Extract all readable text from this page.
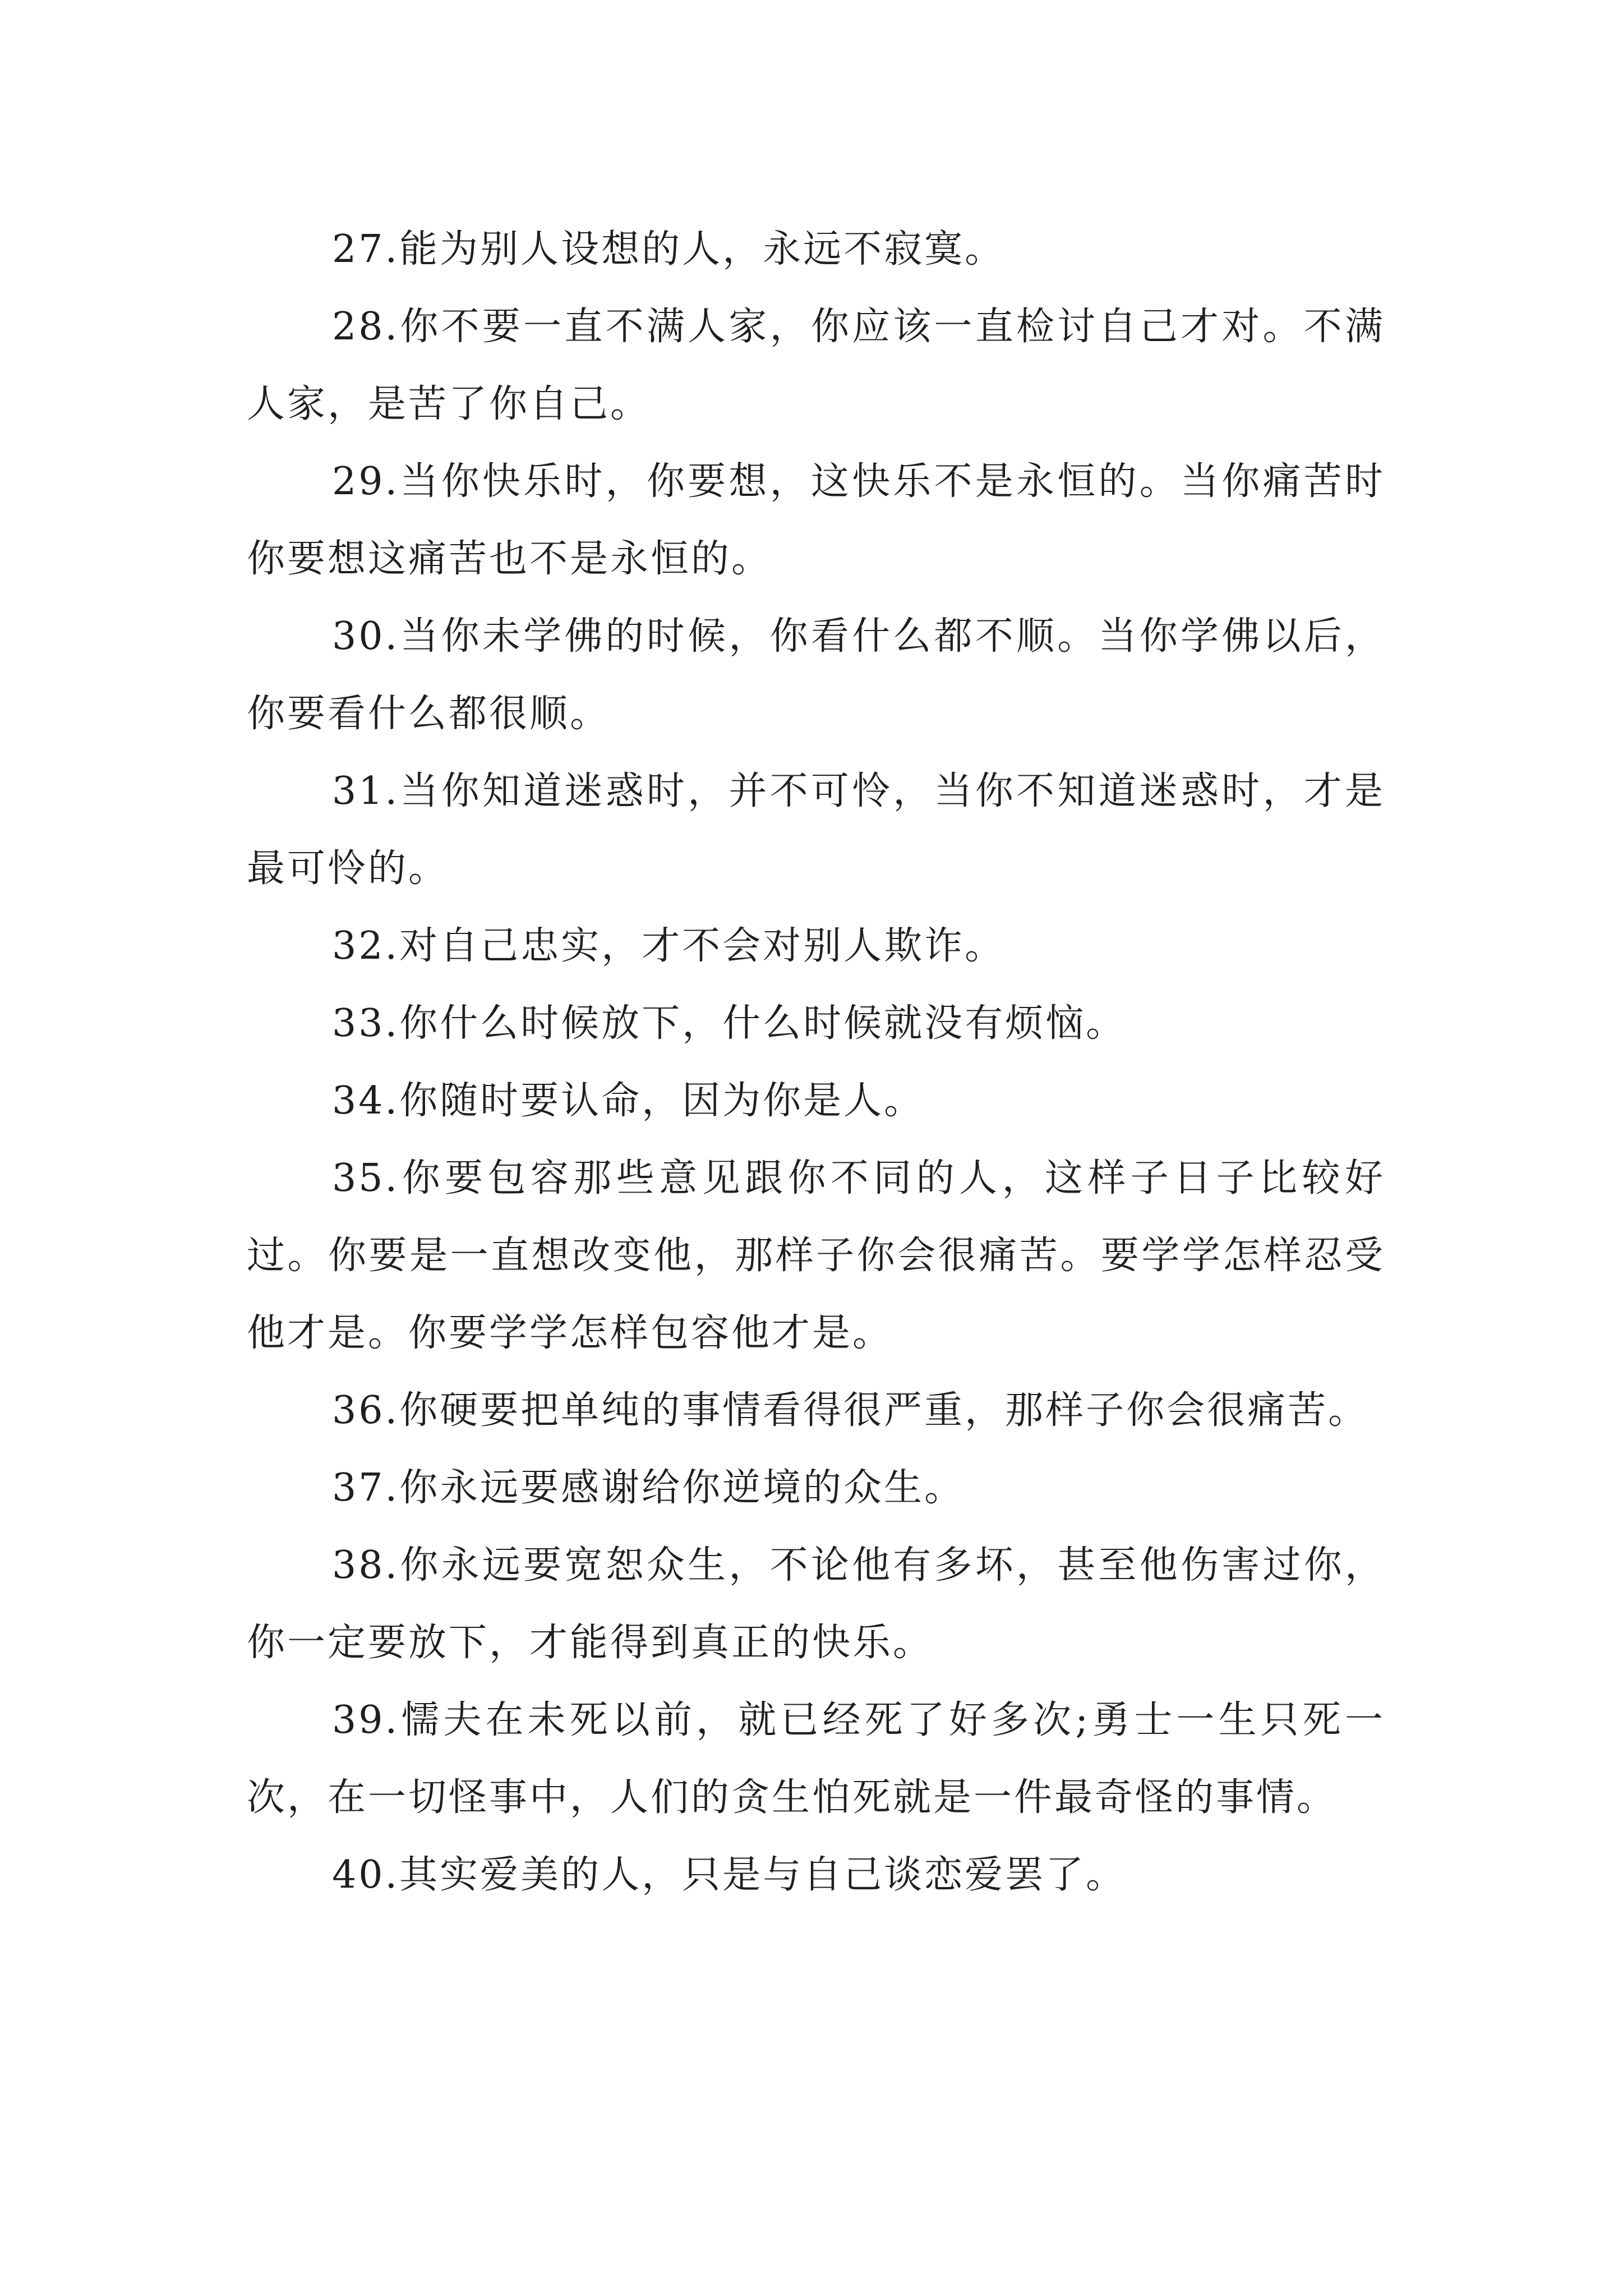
27.能为别人设想的人，永远不寂寞。

28.你不要一直不满人家，你应该一直检讨自己才对。不满人家，是苦了你自己。

29.当你快乐时，你要想，这快乐不是永恒的。当你痛苦时你要想这痛苦也不是永恒的。

30.当你未学佛的时候，你看什么都不顺。当你学佛以后，你要看什么都很顺。

31.当你知道迷惑时，并不可怜，当你不知道迷惑时，才是最可怜的。

32.对自己忠实，才不会对别人欺诈。

33.你什么时候放下，什么时候就没有烦恼。

34.你随时要认命，因为你是人。

35.你要包容那些意见跟你不同的人，这样子日子比较好过。你要是一直想改变他，那样子你会很痛苦。要学学怎样忍受他才是。你要学学怎样包容他才是。

36.你硬要把单纯的事情看得很严重，那样子你会很痛苦。

37.你永远要感谢给你逆境的众生。

38.你永远要宽恕众生，不论他有多坏，甚至他伤害过你，你一定要放下，才能得到真正的快乐。

39.懦夫在未死以前，就已经死了好多次;勇士一生只死一次，在一切怪事中，人们的贪生怕死就是一件最奇怪的事情。

40.其实爱美的人，只是与自己谈恋爱罢了。
